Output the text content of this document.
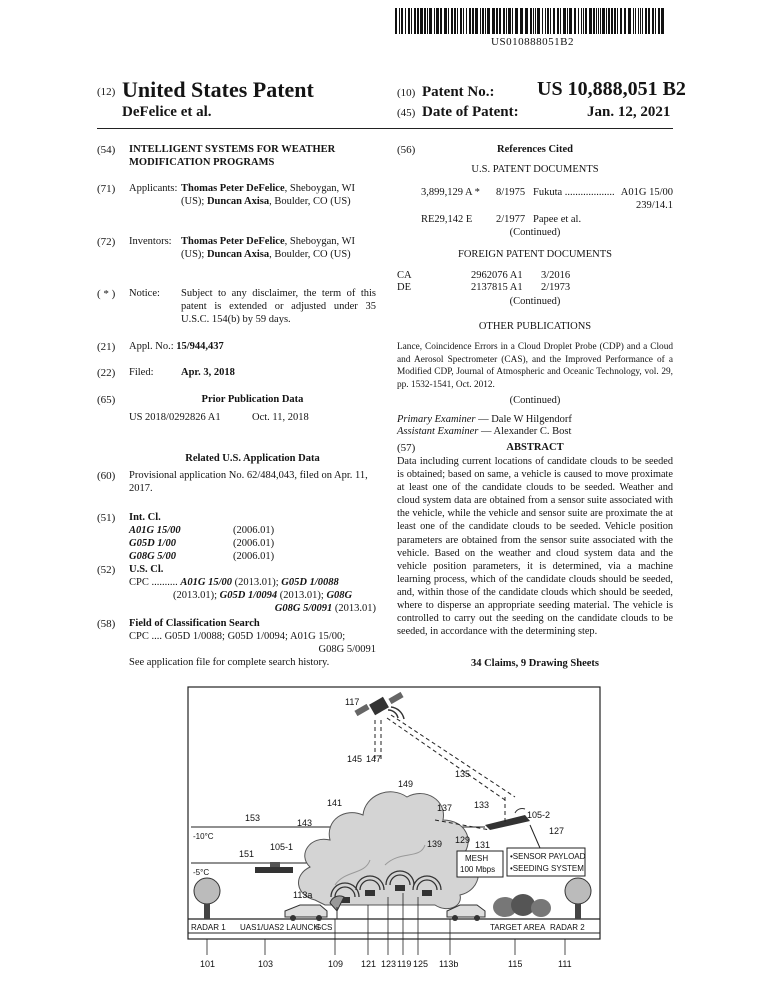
US010888051B2
(12) United States Patent
DeFelice et al.
(10) Patent No.: US 10,888,051 B2
(45) Date of Patent:	Jan. 12, 2021
(54) INTELLIGENT SYSTEMS FOR WEATHER MODIFICATION PROGRAMS
(71) Applicants: Thomas Peter DeFelice, Sheboygan, WI (US); Duncan Axisa, Boulder, CO (US)
(72) Inventors: Thomas Peter DeFelice, Sheboygan, WI (US); Duncan Axisa, Boulder, CO (US)
( * ) Notice: Subject to any disclaimer, the term of this patent is extended or adjusted under 35 U.S.C. 154(b) by 59 days.
(21) Appl. No.: 15/944,437
(22) Filed:	Apr. 3, 2018
(65)	Prior Publication Data
US 2018/0292826 A1	Oct. 11, 2018
Related U.S. Application Data
(60) Provisional application No. 62/484,043, filed on Apr. 11, 2017.
(51) Int. Cl.
A01G 15/00	(2006.01)
G05D 1/00	(2006.01)
G08G 5/00	(2006.01)
(52) U.S. Cl.
CPC .......... A01G 15/00 (2013.01); G05D 1/0088
(2013.01); G05D 1/0094 (2013.01); G08G
G08G 5/0091 (2013.01)
(58) Field of Classification Search
CPC .... G05D 1/0088; G05D 1/0094; A01G 15/00;
G08G 5/0091
See application file for complete search history.
(56)	References Cited
U.S. PATENT DOCUMENTS
3,899,129 A * 8/1975 Fukuta ................... A01G 15/00
239/14.1
RE29,142 E 2/1977 Papee et al.
(Continued)
FOREIGN PATENT DOCUMENTS
CA	2962076 A1 3/2016
DE	2137815 A1 2/1973
(Continued)
OTHER PUBLICATIONS
Lance, Coincidence Errors in a Cloud Droplet Probe (CDP) and a Cloud and Aerosol Spectrometer (CAS), and the Improved Performance of a Modified CDP, Journal of Atmospheric and Oceanic Technology, vol. 29, pp. 1532-1541, Oct. 2012.
(Continued)
Primary Examiner — Dale W Hilgendorf
Assistant Examiner — Alexander C. Bost
(57)	ABSTRACT
Data including current locations of candidate clouds to be seeded is obtained; based on same, a vehicle is caused to move proximate at least one of the candidate clouds to be seeded. Weather and cloud system data are obtained from a sensor suite associated with the vehicle, while the vehicle and sensor suite are proximate the at least one of the candidate clouds to be seeded. Vehicle position parameters are obtained from the sensor suite associated with the vehicle. Based on the weather and cloud system data and the vehicle position parameters, it is determined, via a machine learning process, which of the candidate clouds should be seeded, and, within those of the candidate clouds which should be seeded, where to disperse an appropriate seeding material. The vehicle is controlled to carry out the seeding on the candidate clouds to be seeded, in accordance with the determining step.
34 Claims, 9 Drawing Sheets
117
145 147
149
135
-10°C
-5°C
141
143
153
137
139
133
105-2
127
129 131
MESH
100 Mbps
•SENSOR PAYLOAD
•SEEDING SYSTEM
151
105-1
113a
RADAR 1 UAS1/UAS2 LAUNCH
GCS	TARGET AREA RADAR 2
101	103	109 121 123 119 125 113b	115	111
